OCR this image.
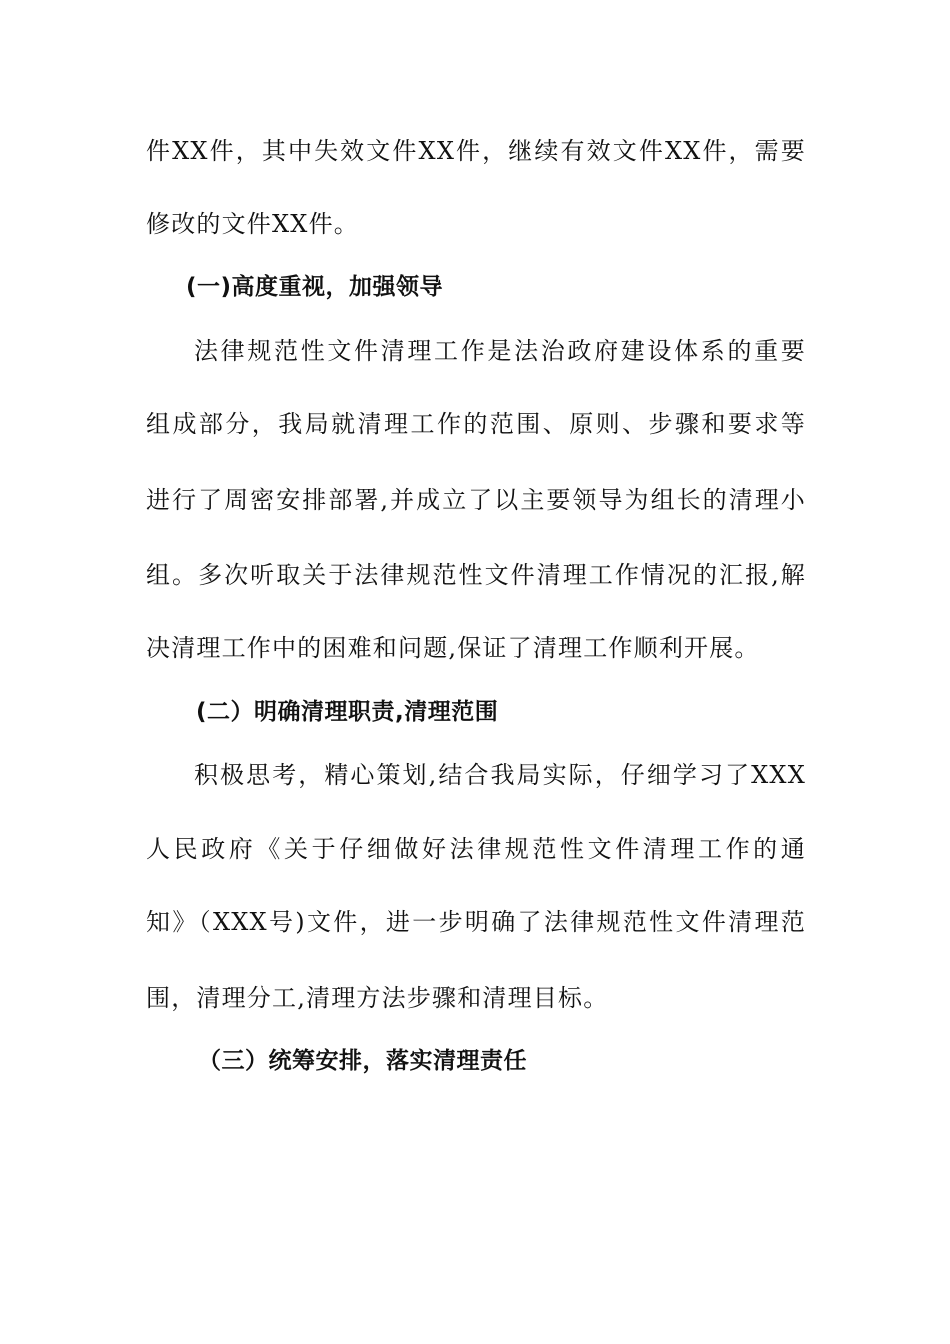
件XX件，其中失效文件XX件，继续有效文件XX件，需要
修改的文件XX件。
(一)高度重视，加强领导
法律规范性文件清理工作是法治政府建设体系的重要
组成部分，我局就清理工作的范围、原则、步骤和要求等
进行了周密安排部署,并成立了以主要领导为组长的清理小
组。多次听取关于法律规范性文件清理工作情况的汇报,解
决清理工作中的困难和问题,保证了清理工作顺利开展。
(二）明确清理职责,清理范围
积极思考，精心策划,结合我局实际，仔细学习了XXX
人民政府《关于仔细做好法律规范性文件清理工作的通
知》（XXX号)文件，进一步明确了法律规范性文件清理范
围，清理分工,清理方法步骤和清理目标。
（三）统筹安排，落实清理责任
